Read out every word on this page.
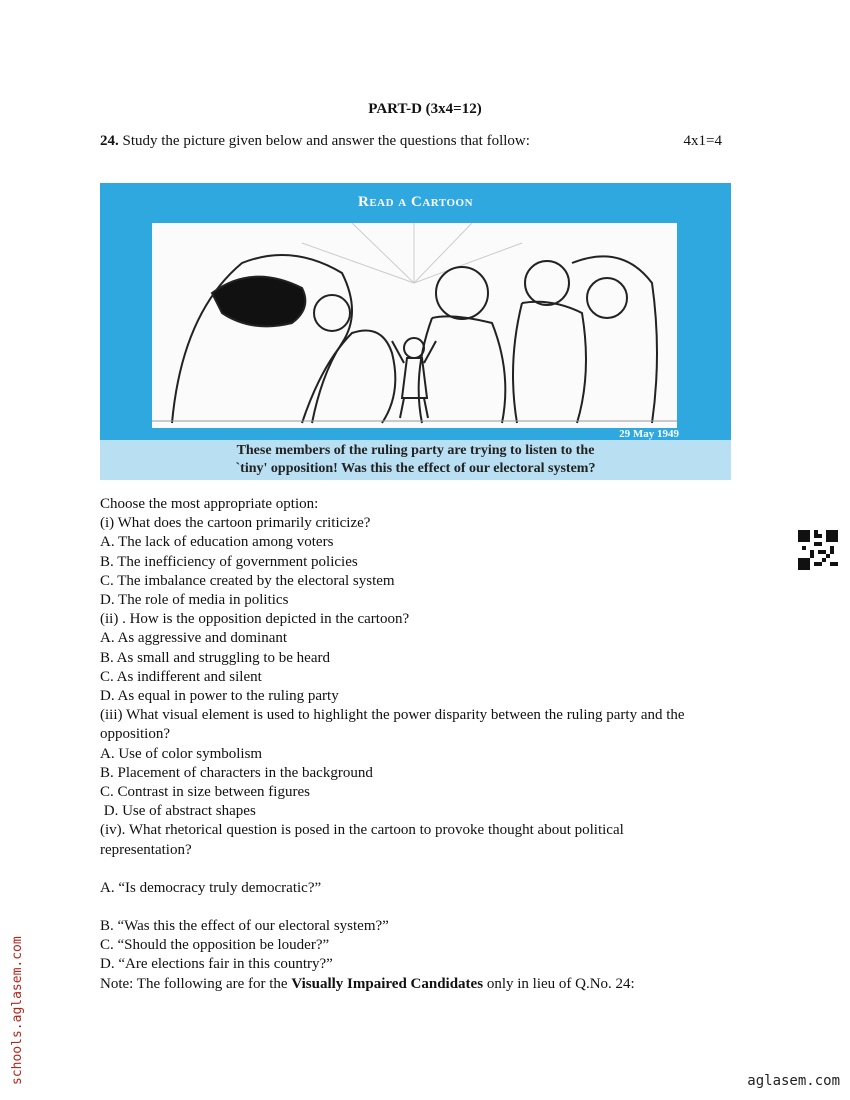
PART-D (3x4=12)
24. Study the picture given below and answer the questions that follow:	4x1=4
Read a Cartoon
29 May 1949
These members of the ruling party are trying to listen to the
`tiny' opposition! Was this the effect of our electoral system?
Choose the most appropriate option:
(i) What does the cartoon primarily criticize?
A. The lack of education among voters
B. The inefficiency of government policies
C. The imbalance created by the electoral system
D. The role of media in politics
(ii) . How is the opposition depicted in the cartoon?
A. As aggressive and dominant
B. As small and struggling to be heard
C. As indifferent and silent
D. As equal in power to the ruling party
(iii) What visual element is used to highlight the power disparity between the ruling party and the opposition?
A. Use of color symbolism
B. Placement of characters in the background
C. Contrast in size between figures
D. Use of abstract shapes
(iv). What rhetorical question is posed in the cartoon to provoke thought about political representation?
A. “Is democracy truly democratic?”
B. “Was this the effect of our electoral system?”
C. “Should the opposition be louder?”
D. “Are elections fair in this country?”
Note: The following are for the Visually Impaired Candidates only in lieu of Q.No. 24:
schools.aglasem.com	aglasem.com
